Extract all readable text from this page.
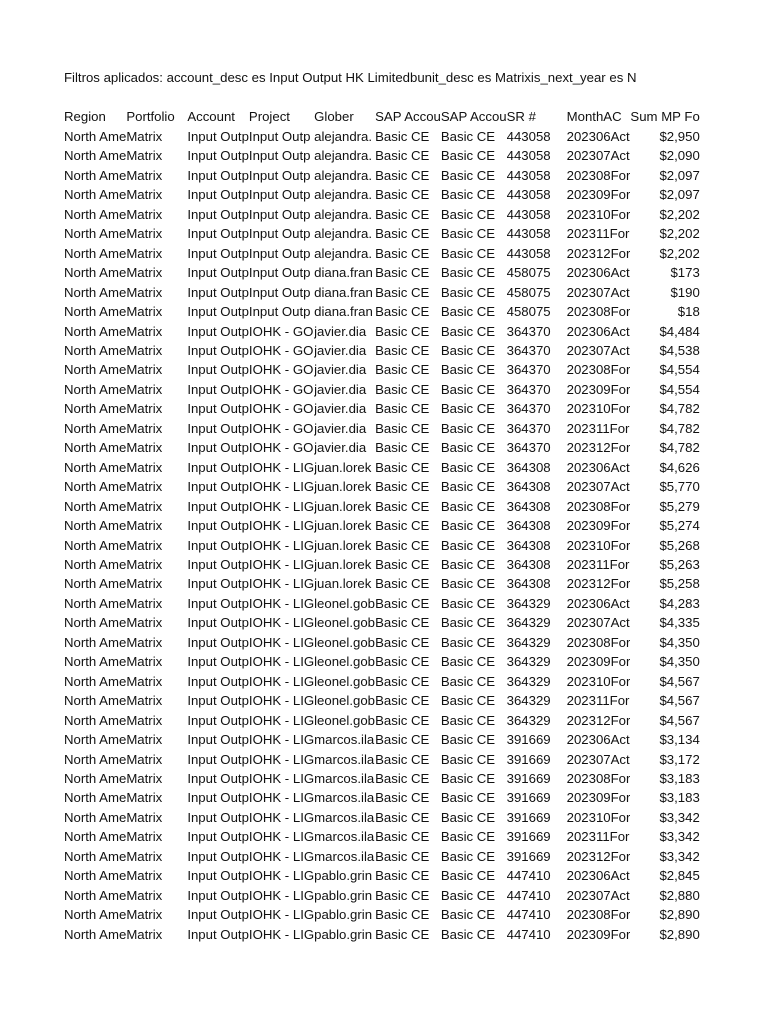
Filtros aplicados: account_desc es Input Output HK Limitedbunit_desc es Matrixis_next_year es N
Region	Portfolio	Account	Project	Glober	SAP Accou	SAP Accou	SR #	MonthAC	Sum MP Fo
North Ame	Matrix	Input Outp	Input Outp	alejandra.	Basic CE	Basic CE	443058	202306Act	$2,950
North Ame	Matrix	Input Outp	Input Outp	alejandra.	Basic CE	Basic CE	443058	202307Act	$2,090
North Ame	Matrix	Input Outp	Input Outp	alejandra.	Basic CE	Basic CE	443058	202308For	$2,097
North Ame	Matrix	Input Outp	Input Outp	alejandra.	Basic CE	Basic CE	443058	202309For	$2,097
North Ame	Matrix	Input Outp	Input Outp	alejandra.	Basic CE	Basic CE	443058	202310For	$2,202
North Ame	Matrix	Input Outp	Input Outp	alejandra.	Basic CE	Basic CE	443058	202311For	$2,202
North Ame	Matrix	Input Outp	Input Outp	alejandra.	Basic CE	Basic CE	443058	202312For	$2,202
North Ame	Matrix	Input Outp	Input Outp	diana.fran	Basic CE	Basic CE	458075	202306Act	$173
North Ame	Matrix	Input Outp	Input Outp	diana.fran	Basic CE	Basic CE	458075	202307Act	$190
North Ame	Matrix	Input Outp	Input Outp	diana.fran	Basic CE	Basic CE	458075	202308For	$18
North Ame	Matrix	Input Outp	IOHK - GO	javier.dia	Basic CE	Basic CE	364370	202306Act	$4,484
North Ame	Matrix	Input Outp	IOHK - GO	javier.dia	Basic CE	Basic CE	364370	202307Act	$4,538
North Ame	Matrix	Input Outp	IOHK - GO	javier.dia	Basic CE	Basic CE	364370	202308For	$4,554
North Ame	Matrix	Input Outp	IOHK - GO	javier.dia	Basic CE	Basic CE	364370	202309For	$4,554
North Ame	Matrix	Input Outp	IOHK - GO	javier.dia	Basic CE	Basic CE	364370	202310For	$4,782
North Ame	Matrix	Input Outp	IOHK - GO	javier.dia	Basic CE	Basic CE	364370	202311For	$4,782
North Ame	Matrix	Input Outp	IOHK - GO	javier.dia	Basic CE	Basic CE	364370	202312For	$4,782
North Ame	Matrix	Input Outp	IOHK - LIG	juan.lorek	Basic CE	Basic CE	364308	202306Act	$4,626
North Ame	Matrix	Input Outp	IOHK - LIG	juan.lorek	Basic CE	Basic CE	364308	202307Act	$5,770
North Ame	Matrix	Input Outp	IOHK - LIG	juan.lorek	Basic CE	Basic CE	364308	202308For	$5,279
North Ame	Matrix	Input Outp	IOHK - LIG	juan.lorek	Basic CE	Basic CE	364308	202309For	$5,274
North Ame	Matrix	Input Outp	IOHK - LIG	juan.lorek	Basic CE	Basic CE	364308	202310For	$5,268
North Ame	Matrix	Input Outp	IOHK - LIG	juan.lorek	Basic CE	Basic CE	364308	202311For	$5,263
North Ame	Matrix	Input Outp	IOHK - LIG	juan.lorek	Basic CE	Basic CE	364308	202312For	$5,258
North Ame	Matrix	Input Outp	IOHK - LIG	leonel.gob	Basic CE	Basic CE	364329	202306Act	$4,283
North Ame	Matrix	Input Outp	IOHK - LIG	leonel.gob	Basic CE	Basic CE	364329	202307Act	$4,335
North Ame	Matrix	Input Outp	IOHK - LIG	leonel.gob	Basic CE	Basic CE	364329	202308For	$4,350
North Ame	Matrix	Input Outp	IOHK - LIG	leonel.gob	Basic CE	Basic CE	364329	202309For	$4,350
North Ame	Matrix	Input Outp	IOHK - LIG	leonel.gob	Basic CE	Basic CE	364329	202310For	$4,567
North Ame	Matrix	Input Outp	IOHK - LIG	leonel.gob	Basic CE	Basic CE	364329	202311For	$4,567
North Ame	Matrix	Input Outp	IOHK - LIG	leonel.gob	Basic CE	Basic CE	364329	202312For	$4,567
North Ame	Matrix	Input Outp	IOHK - LIG	marcos.ila	Basic CE	Basic CE	391669	202306Act	$3,134
North Ame	Matrix	Input Outp	IOHK - LIG	marcos.ila	Basic CE	Basic CE	391669	202307Act	$3,172
North Ame	Matrix	Input Outp	IOHK - LIG	marcos.ila	Basic CE	Basic CE	391669	202308For	$3,183
North Ame	Matrix	Input Outp	IOHK - LIG	marcos.ila	Basic CE	Basic CE	391669	202309For	$3,183
North Ame	Matrix	Input Outp	IOHK - LIG	marcos.ila	Basic CE	Basic CE	391669	202310For	$3,342
North Ame	Matrix	Input Outp	IOHK - LIG	marcos.ila	Basic CE	Basic CE	391669	202311For	$3,342
North Ame	Matrix	Input Outp	IOHK - LIG	marcos.ila	Basic CE	Basic CE	391669	202312For	$3,342
North Ame	Matrix	Input Outp	IOHK - LIG	pablo.grin	Basic CE	Basic CE	447410	202306Act	$2,845
North Ame	Matrix	Input Outp	IOHK - LIG	pablo.grin	Basic CE	Basic CE	447410	202307Act	$2,880
North Ame	Matrix	Input Outp	IOHK - LIG	pablo.grin	Basic CE	Basic CE	447410	202308For	$2,890
North Ame	Matrix	Input Outp	IOHK - LIG	pablo.grin	Basic CE	Basic CE	447410	202309For	$2,890
